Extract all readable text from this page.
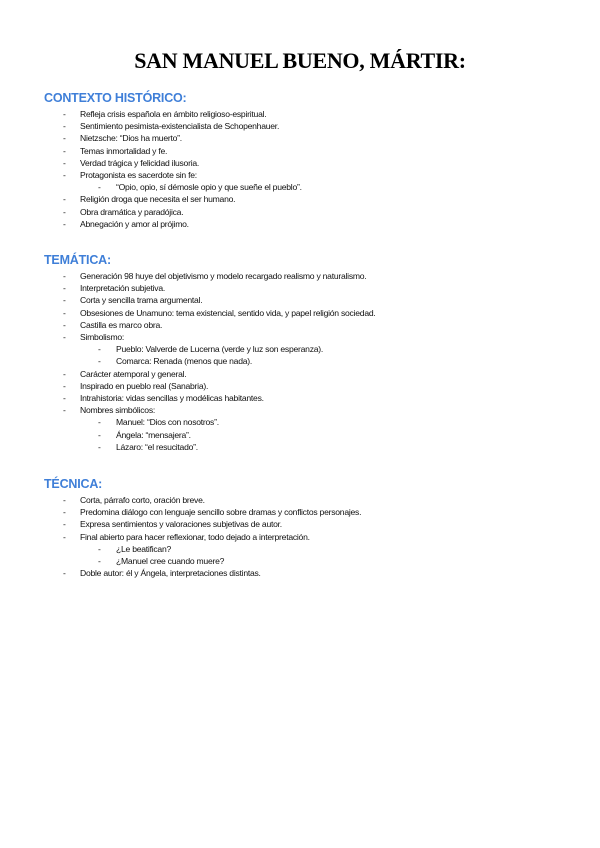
SAN MANUEL BUENO, MÁRTIR:
CONTEXTO HISTÓRICO:
- Refleja crisis española en ámbito religioso-espiritual.
- Sentimiento pesimista-existencialista de Schopenhauer.
- Nietzsche: “Dios ha muerto”.
- Temas inmortalidad y fe.
- Verdad trágica y felicidad ilusoria.
- Protagonista es sacerdote sin fe:
- “Opio, opio, sí démosle opio y que sueñe el pueblo”.
- Religión droga que necesita el ser humano.
- Obra dramática y paradójica.
- Abnegación y amor al prójimo.
TEMÁTICA:
- Generación 98 huye del objetivismo y modelo recargado realismo y naturalismo.
- Interpretación subjetiva.
- Corta y sencilla trama argumental.
- Obsesiones de Unamuno: tema existencial, sentido vida, y papel religión sociedad.
- Castilla es marco obra.
- Simbolismo:
- Pueblo: Valverde de Lucerna (verde y luz son esperanza).
- Comarca: Renada (menos que nada).
- Carácter atemporal y general.
- Inspirado en pueblo real (Sanabria).
- Intrahistoria: vidas sencillas y modélicas habitantes.
- Nombres simbólicos:
- Manuel: “Dios con nosotros”.
- Ángela: “mensajera”.
- Lázaro: “el resucitado”.
TÉCNICA:
- Corta, párrafo corto, oración breve.
- Predomina diálogo con lenguaje sencillo sobre dramas y conflictos personajes.
- Expresa sentimientos y valoraciones subjetivas de autor.
- Final abierto para hacer reflexionar, todo dejado a interpretación.
- ¿Le beatifican?
- ¿Manuel cree cuando muere?
- Doble autor: él y Ángela, interpretaciones distintas.
